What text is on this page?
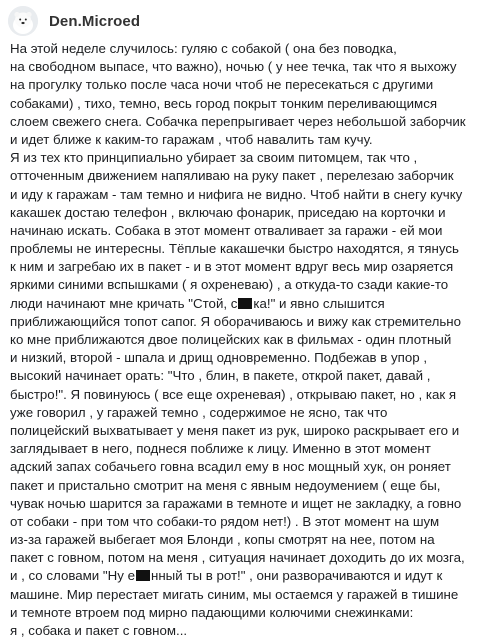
Den.Microed
На этой неделе случилось: гуляю с собакой ( она без поводка,
на свободном выпасе, что важно), ночью ( у нее течка, так что я выхожу
на прогулку только после часа ночи чтоб не пересекаться с другими
собаками) , тихо, темно, весь город покрыт тонким переливающимся
слоем свежего снега. Собачка перепрыгивает через небольшой заборчик
и идет ближе к каким-то гаражам , чтоб навалить там кучу.
Я из тех кто принципиально убирает за своим питомцем, так что ,
отточенным движением напяливаю на руку пакет , перелезаю заборчик
и иду к гаражам - там темно и нифига не видно. Чтоб найти в снегу кучку
какашек достаю телефон , включаю фонарик, приседаю на корточки и
начинаю искать. Собака в этот момент отваливает за гаражи - ей мои
проблемы не интересны. Тёплые какашечки быстро находятся, я тянусь
к ним и загребаю их в пакет - и в этот момент вдруг весь мир озаряется
яркими синими вспышками ( я охреневаю) , а откуда-то сзади какие-то
люди начинают мне кричать "Стой, с ка!" и явно слышится
приближающийся топот сапог. Я оборачиваюсь и вижу как стремительно
ко мне приближаются двое полицейских как в фильмах - один плотный
и низкий, второй - шпала и дрищ одновременно. Подбежав в упор ,
высокий начинает орать: "Что , блин, в пакете, открой пакет, давай ,
быстро!". Я повинуюсь ( все еще охреневая) , открываю пакет, но , как я
уже говорил , у гаражей темно , содержимое не ясно, так что
полицейский выхватывает у меня пакет из рук, широко раскрывает его и
заглядывает в него, поднеся поближе к лицу. Именно в этот момент
адский запах собачьего говна всадил ему в нос мощный хук, он роняет
пакет и пристально смотрит на меня с явным недоумением ( еще бы,
чувак ночью шарится за гаражами в темноте и ищет не закладку, а говно
от собаки - при том что собаки-то рядом нет!) . В этот момент на шум
из-за гаражей выбегает моя Блонди , копы смотрят на нее, потом на
пакет с говном, потом на меня , ситуация начинает доходить до их мозга,
и , со словами "Ну е нный ты в рот!" , они разворачиваются и идут к
машине. Мир перестает мигать синим, мы остаемся у гаражей в тишине
и темноте втроем под мирно падающими колючими снежинками:
я , собака и пакет с говном...
